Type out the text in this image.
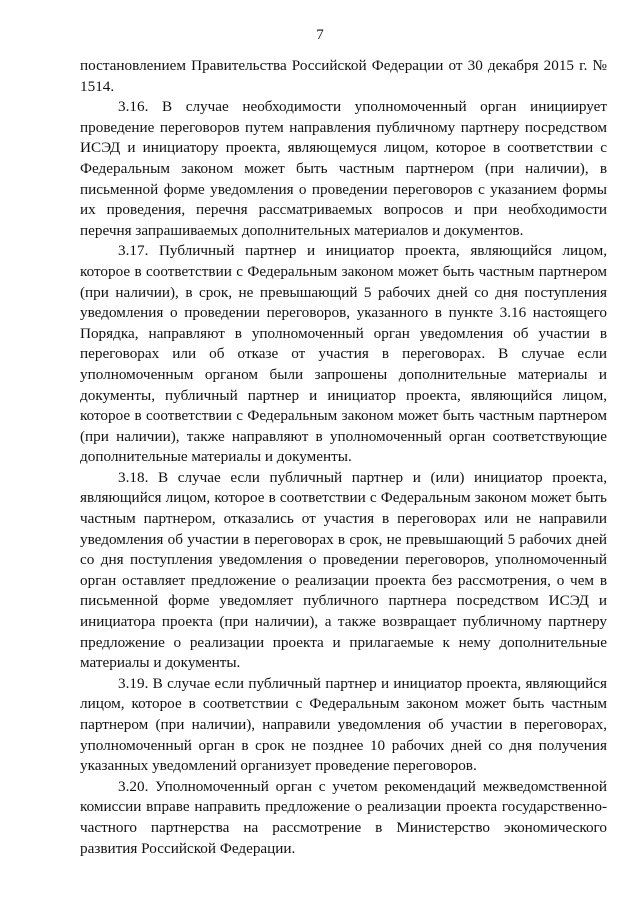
7

постановлением Правительства Российской Федерации от 30 декабря 2015 г. № 1514.

3.16. В случае необходимости уполномоченный орган инициирует проведение переговоров путем направления публичному партнеру посредством ИСЭД и инициатору проекта, являющемуся лицом, которое в соответствии с Федеральным законом может быть частным партнером (при наличии), в письменной форме уведомления о проведении переговоров с указанием формы их проведения, перечня рассматриваемых вопросов и при необходимости перечня запрашиваемых дополнительных материалов и документов.

3.17. Публичный партнер и инициатор проекта, являющийся лицом, которое в соответствии с Федеральным законом может быть частным партнером (при наличии), в срок, не превышающий 5 рабочих дней со дня поступления уведомления о проведении переговоров, указанного в пункте 3.16 настоящего Порядка, направляют в уполномоченный орган уведомления об участии в переговорах или об отказе от участия в переговорах. В случае если уполномоченным органом были запрошены дополнительные материалы и документы, публичный партнер и инициатор проекта, являющийся лицом, которое в соответствии с Федеральным законом может быть частным партнером (при наличии), также направляют в уполномоченный орган соответствующие дополнительные материалы и документы.

3.18. В случае если публичный партнер и (или) инициатор проекта, являющийся лицом, которое в соответствии с Федеральным законом может быть частным партнером, отказались от участия в переговорах или не направили уведомления об участии в переговорах в срок, не превышающий 5 рабочих дней со дня поступления уведомления о проведении переговоров, уполномоченный орган оставляет предложение о реализации проекта без рассмотрения, о чем в письменной форме уведомляет публичного партнера посредством ИСЭД и инициатора проекта (при наличии), а также возвращает публичному партнеру предложение о реализации проекта и прилагаемые к нему дополнительные материалы и документы.

3.19. В случае если публичный партнер и инициатор проекта, являющийся лицом, которое в соответствии с Федеральным законом может быть частным партнером (при наличии), направили уведомления об участии в переговорах, уполномоченный орган в срок не позднее 10 рабочих дней со дня получения указанных уведомлений организует проведение переговоров.

3.20. Уполномоченный орган с учетом рекомендаций межведомственной комиссии вправе направить предложение о реализации проекта государственно-частного партнерства на рассмотрение в Министерство экономического развития Российской Федерации.
